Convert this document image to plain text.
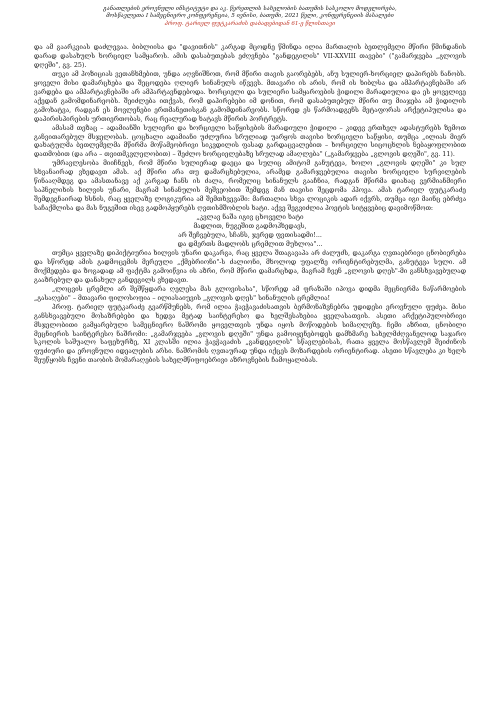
განათლების ეროვნული ინსტიტუტი და აკ. წერეთლის სახელობის ბათუმის სასკოლო მოდელირება,
მოსწავლეთა I სამეცნიერო კონფერენცია, 5 ივნისი, ბათუმი, 2021 წელი, კონფერენციის მასალები
პროფ. ტარიელ ფუტკარაძის დაბადებიდან 61-ე წლისთავი

და ამ გაარკვიას დაძლევაა. ბიბლიისა და "დავითნის" კარგად მცოდნე წმინდა ილია მართალის ბეთლემელი მწირი წმინდანის დარად დასახულს ხორციელ სამყაროს. ამის დასაბუთებას ეძღვნება "განდეგილის" VII-XXVIII თავები" ("გამარჯვება „გლოვის დღეში", გვ. 25).

თუკი ამ პოზიციას ვეთანხმებით, უნდა აღვნიშნოთ, რომ მწირი თავის გაორებებს, ანუ სულიერ-ხორციელ დაპირებს ნანობს. ყოველი მისი დამარცხება და შეცოდება ღლიერ სინანულს იწვევს. მთავარი ის არის, რომ ის ხიბლსა და ამპარტავნებაში არ ვარდება და ამპარტავნებაში არ ამპარტავნდებოდა. ხორციელი და სულიერი სამყაროების ჭიდილი მარადიულია და ეს ყოველივე აქედან გამომდინარეობს. შეიძლება ითქვას, რომ დაპირებები იმ დონით, რომ დასაბუთებულ მწირი თუ მიაჯება ამ ჭიდილის გამოხატვა, რადგან ეს მოვლენები ერთმანეთისგან გამომდინარეობს. სწორედ ეს წარმოადგენს მეტაფორას არქეტიპულისა და დაპირისპირების ურთიერთობას, რაც რეალურად ხატავს მწირის პორტრეტს.

ამასამ თეზაც – ადამიანში სულიერი და ხორციელი საწყისების მარადიული ჭიდილი – კიდევ ერთხელ ადასტურებს ზემოთ განვითარებულ მსჯელობას. ცოცხალი ადამიანი უძლურია სრულიად უარყოს თავისი ხორციელი საწყისი, თუმცა „ილიას მიერ დახატულმა ბეთლემელმა მწირმა მოწამეობრივი სიკვდილის ფასად გარდაცვალებით – ხორციელი სიცოცხლის ნებაყოფლობით დათმობით (და არა – თვითმკვლელობით) – შეძლო ხორციელებაზე სრულად ამაღლება" („გამარჯვება „გლოვის დღეში", გვ. 11).

უმრავლესობა მიიჩნევს, რომ მწირი სულიერად დაეცა და სულიც ამიტომ განუტევა, ხოლო „გლოვის დღეში" კი სულ სხვანაირად ვხედავთ ამას. აქ მწირი არა თუ დამარცხებულია, არამედ გამარჯვებულია თავისი ხორციელი სურვილების წინააღმდეგ და ამასთანავე აქ კარგად ჩანს ის ძალა, რომელიც სინანულს გააჩნია, რადგან მწირმა დიახაც ვერმიანმიერი საპნელიხის ხილვის უნარი, მაგრამ სინანულის მეშვეობით შემდეგ მან თავისი შეცდომა ჰპოვა. ამას ტარიელ ფუტკარაძე შემდეგნაირად ხსნის, რაც ყველაზე ლოგიკურია ამ შემთხვევაში: მართალია სხვა ლოციკის ადარ იქვრს, თუმცა იგი მაინც ებრძვა საჩაქმლისა და მას ნუგეშით ისევ გადმოჰყურებს ღვთისმშობლის ხატი. აქვე შეგვიძლია პოეტის სიტყვებიც დავიმოწმოთ:

„კვლავ ნაშა იგივ ცხოველი ხატი
მადლით, ნუგეშით გადმოჰხედავს,
არ შეჩვებულა, სჩანს, ჯერედ ფვთისადმი!...
და დმერთს მადლობს ცრემლით მუხლოა"...

თუმცა ყველაზე დიჰიქტიურია ხილვის უნარი დაკარგა, რაც ყველა შთაგავაპა არ ძალუძს, დაკარგა ღვთაებრივი ცნობიერება და სწორედ ამის გადმოცემის მერეული „ქმებრიონი"-ს ძალიონი, მხოლოდ უფალზე ორიენტირებულმა, განუტევა სული. ამ მოქმედება და ზოგადად ამ ფაქტმა გამოიწვია ის აზრი, რომ მწირი დამარცხდა, მაგრამ ჩვენ „გლოვის დღეს"-მი განსხვავებულად გააზრებულ და დანახულ განდეგილს ვხედავთ.

„ლოცვის ცრემლი არ შეშწყდარა ღელესა მას გლოვისასა", სწორედ ამ ფრაზაში იპოვა დიდმა მეცნიერმა ნაწარმოების „გასაღები" – მთავარი ფილოსოფია – ილიასაიუვის „გლოვის დღეს" სინანულის ცრემლია!

პროფ. ტარიელ ფუტკარაძე გვარწმუნებს, რომ ილია ჭავჭავაძისათვის ბერმონაზვნებრა უდიდესი ეროვნული ფუძეა. მისი განსხვავებული მოსაზრებები და ხედვა მეტად საინტერესო და ხელშესახებია ყველასათვის. ასეთი არქეტიპულობრივი მსჯელობითი გამყარებული სამეცნიერო ნაშრომი ყოველთვის უნდა იყოს მოწოდების სიმაღლეზე. ჩემი აზრით, ცნობილი მეცნიერის საინტერესო ნაშრომი: „გამარჯვება „გლოვის დღეში" უნდა გამოიყენებოდეს დამხმარე სახელმძღვანელოდ საჯარო სკოლის საშუალო საფეხურზე, XI კლასში ილია ჭავჭავაძის „განდეგილის" სწავლებისას, რათა ყველა მოსწავლემ შეიძინოს ფუძიური და ეროვნული იდეალების არსი. ნაშრომის ღვთაურად უნდა იქცეს მოზარდების ორიენტირად. ასეთი სწავლება კი ხელს შეუწყობს ჩვენი თაობის მომარაღების სახელმწიფოებრივი აზროვნების ჩამოყალიბას.
